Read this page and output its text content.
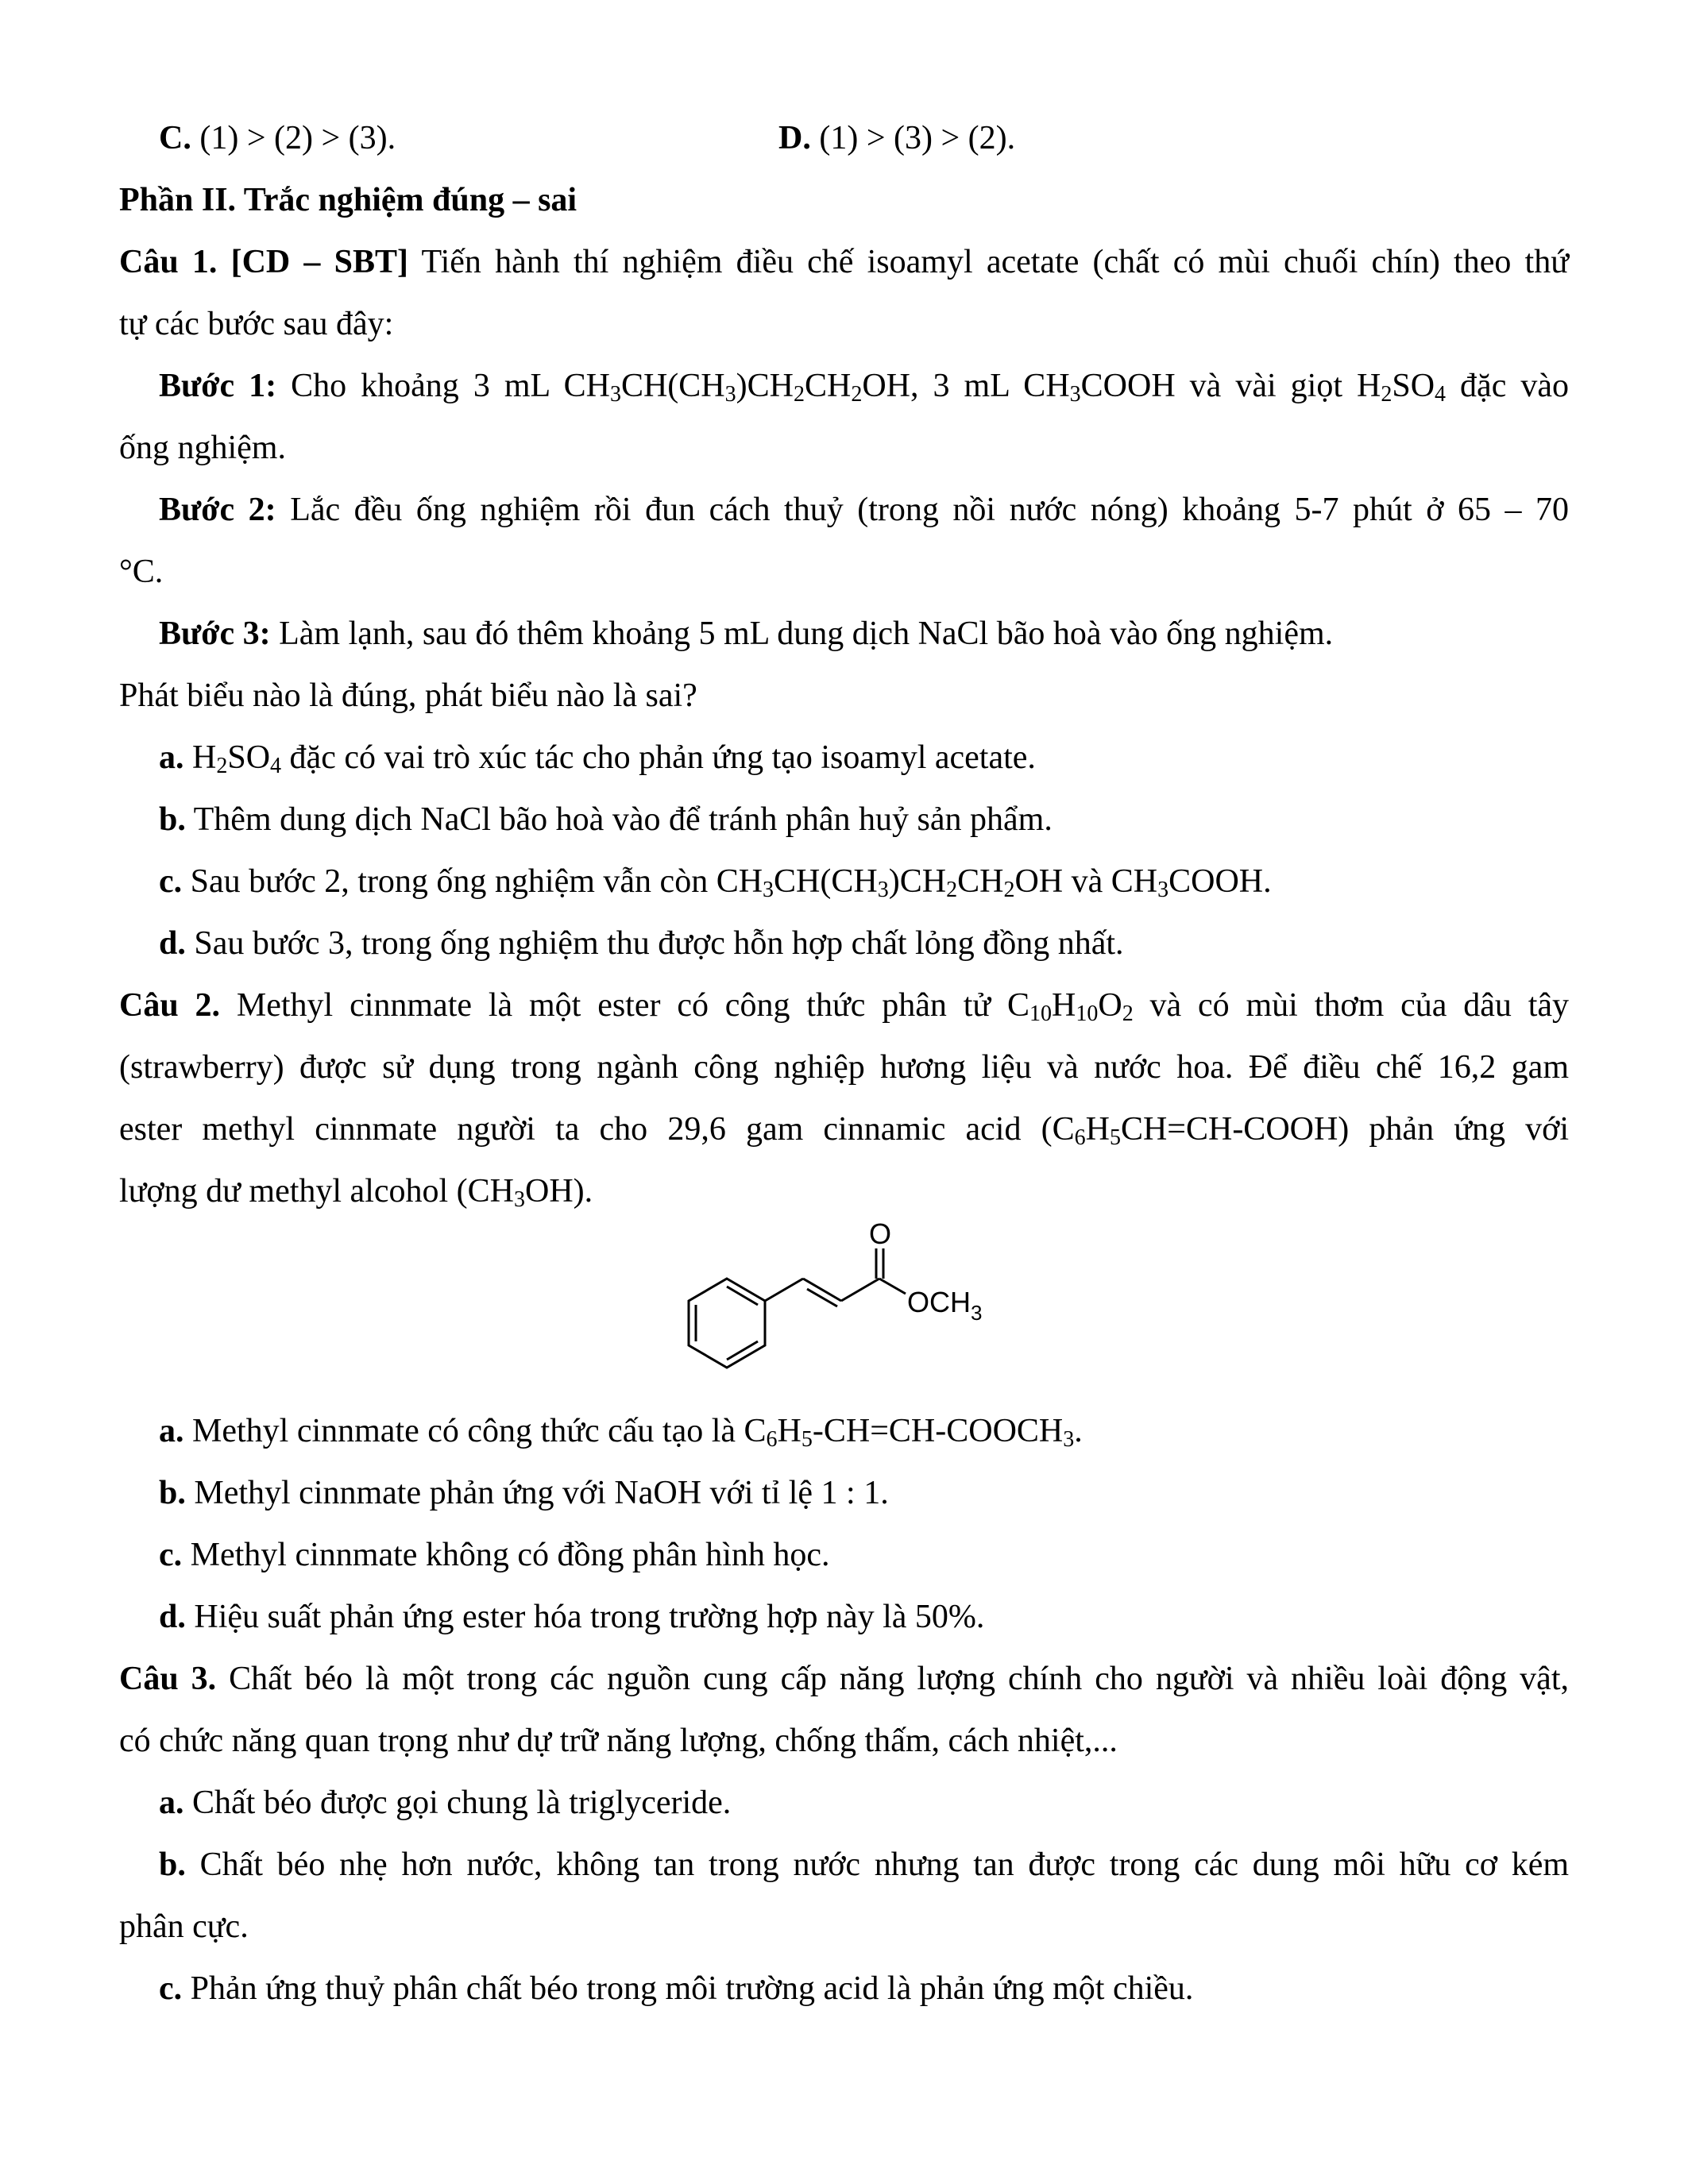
C. (1) > (2) > (3).	D. (1) > (3) > (2).
Phần II. Trắc nghiệm đúng – sai
Câu 1. [CD – SBT] Tiến hành thí nghiệm điều chế isoamyl acetate (chất có mùi chuối chín) theo thứ
tự các bước sau đây:
Bước 1: Cho khoảng 3 mL $CH_3CH(CH_3)CH_2CH_2OH$, 3 mL $CH_3COOH$ và vài giọt $H_2SO_4$ đặc vào
ống nghiệm.
Bước 2: Lắc đều ống nghiệm rồi đun cách thuỷ (trong nồi nước nóng) khoảng 5-7 phút ở 65 – 70
°C.
Bước 3: Làm lạnh, sau đó thêm khoảng 5 mL dung dịch NaCl bão hoà vào ống nghiệm.
Phát biểu nào là đúng, phát biểu nào là sai?
a. $H_2SO_4$ đặc có vai trò xúc tác cho phản ứng tạo isoamyl acetate.
b. Thêm dung dịch NaCl bão hoà vào để tránh phân huỷ sản phẩm.
c. Sau bước 2, trong ống nghiệm vẫn còn $CH_3CH(CH_3)CH_2CH_2OH$ và $CH_3COOH$.
d. Sau bước 3, trong ống nghiệm thu được hỗn hợp chất lỏng đồng nhất.
Câu 2. Methyl cinnmate là một ester có công thức phân tử $C_{10}H_{10}O_2$ và có mùi thơm của dâu tây
(strawberry) được sử dụng trong ngành công nghiệp hương liệu và nước hoa. Để điều chế 16,2 gam
ester methyl cinnmate người ta cho 29,6 gam cinnamic acid $(C_6H_5CH=CH-COOH)$ phản ứng với
lượng dư methyl alcohol $(CH_3OH)$.
O
$OCH_3$
a. Methyl cinnmate có công thức cấu tạo là $C_6H_5-CH=CH-COOCH_3$.
b. Methyl cinnmate phản ứng với NaOH với tỉ lệ 1 : 1.
c. Methyl cinnmate không có đồng phân hình học.
d. Hiệu suất phản ứng ester hóa trong trường hợp này là 50%.
Câu 3. Chất béo là một trong các nguồn cung cấp năng lượng chính cho người và nhiều loài động vật,
có chức năng quan trọng như dự trữ năng lượng, chống thấm, cách nhiệt,...
a. Chất béo được gọi chung là triglyceride.
b. Chất béo nhẹ hơn nước, không tan trong nước nhưng tan được trong các dung môi hữu cơ kém
phân cực.
c. Phản ứng thuỷ phân chất béo trong môi trường acid là phản ứng một chiều.
